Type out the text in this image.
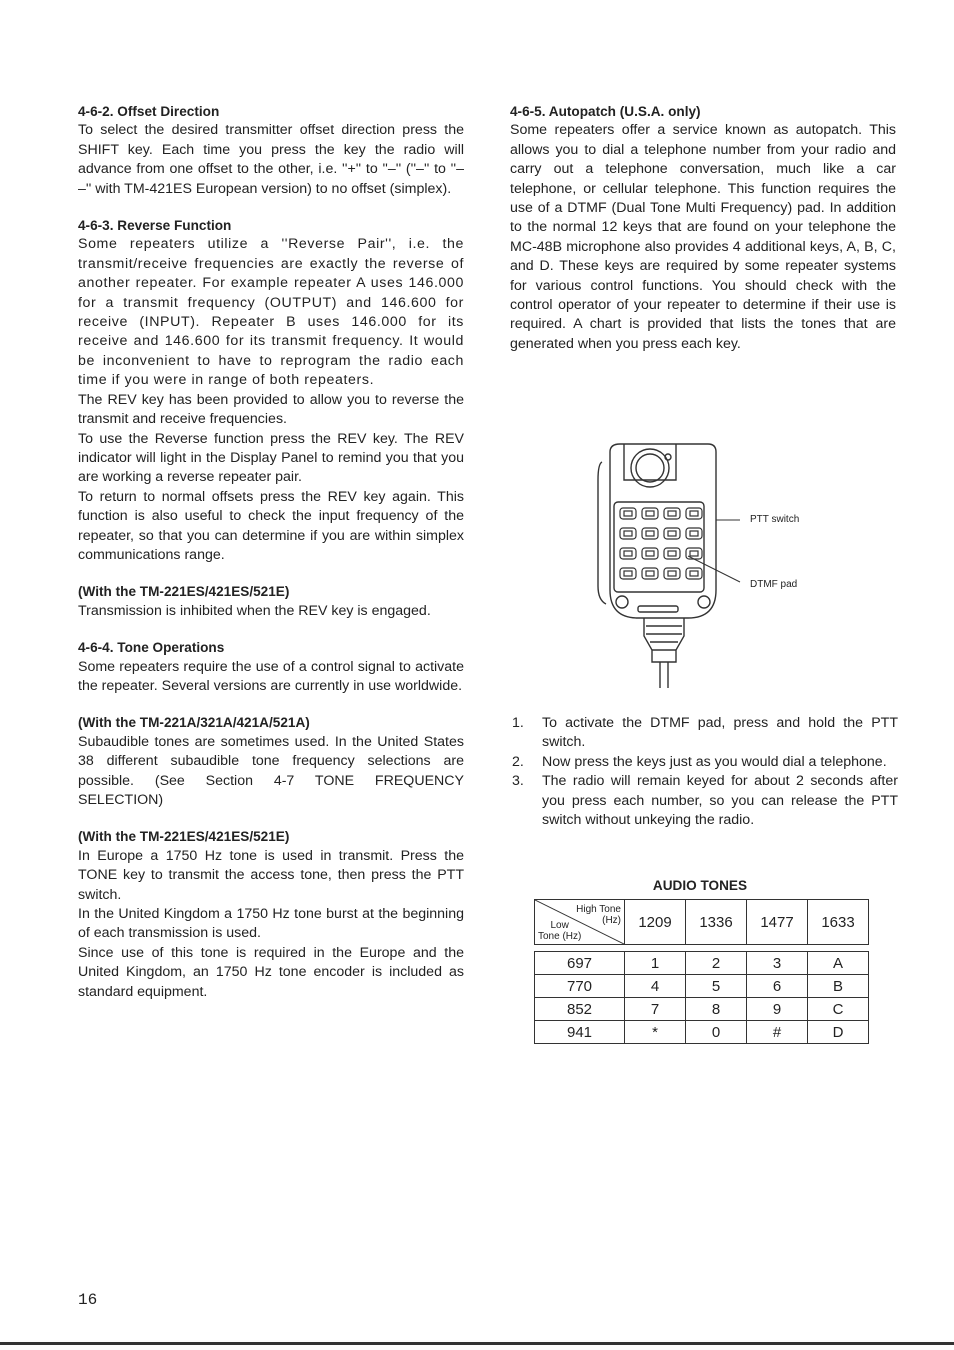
4-6-2. Offset Direction

To select the desired transmitter offset direction press the SHIFT key. Each time you press the key the radio will advance from one offset to the other, i.e. ''+'' to ''–'' (''–'' to ''– –'' with TM-421ES European version) to no offset (simplex).

4-6-3. Reverse Function

Some repeaters utilize a ''Reverse Pair'', i.e. the transmit/receive frequencies are exactly the reverse of another repeater. For example repeater A uses 146.000 for a transmit frequency (OUTPUT) and 146.600 for receive (INPUT). Repeater B uses 146.000 for its receive and 146.600 for its transmit frequency. It would be inconvenient to have to reprogram the radio each time if you were in range of both repeaters.

The REV key has been provided to allow you to reverse the transmit and receive frequencies.

To use the Reverse function press the REV key. The REV indicator will light in the Display Panel to remind you that you are working a reverse repeater pair.

To return to normal offsets press the REV key again. This function is also useful to check the input frequency of the repeater, so that you can determine if you are within simplex communications range.

(With the TM-221ES/421ES/521E)

Transmission is inhibited when the REV key is engaged.

4-6-4. Tone Operations

Some repeaters require the use of a control signal to activate the repeater. Several versions are currently in use worldwide.

(With the TM-221A/321A/421A/521A)

Subaudible tones are sometimes used. In the United States 38 different subaudible tone frequency selections are possible. (See Section 4-7 TONE FREQUENCY SELECTION)

(With the TM-221ES/421ES/521E)

In Europe a 1750 Hz tone is used in transmit. Press the TONE key to transmit the access tone, then press the PTT switch.

In the United Kingdom a 1750 Hz tone burst at the beginning of each transmission is used.

Since use of this tone is required in the Europe and the United Kingdom, an 1750 Hz tone encoder is included as standard equipment.

4-6-5. Autopatch (U.S.A. only)

Some repeaters offer a service known as autopatch. This allows you to dial a telephone number from your radio and carry out a telephone conversation, much like a car telephone, or cellular telephone. This function requires the use of a DTMF (Dual Tone Multi Frequency) pad. In addition to the normal 12 keys that are found on your telephone the MC-48B microphone also provides 4 additional keys, A, B, C, and D. These keys are required by some repeater systems for various control functions. You should check with the control operator of your repeater to determine if their use is required. A chart is provided that lists the tones that are generated when you press each key.

PTT switch
DTMF pad
1.	To activate the DTMF pad, press and hold the PTT switch.
2.	Now press the keys just as you would dial a telephone.
3.	The radio will remain keyed for about 2 seconds after you press each number, so you can release the PTT switch without unkeying the radio.
AUDIO TONES
High Tone
(Hz)
Low
Tone (Hz)	1209	1336	1477	1633

697	1	2	3	A
770	4	5	6	B
852	7	8	9	C
941	*	0	#	D
16
